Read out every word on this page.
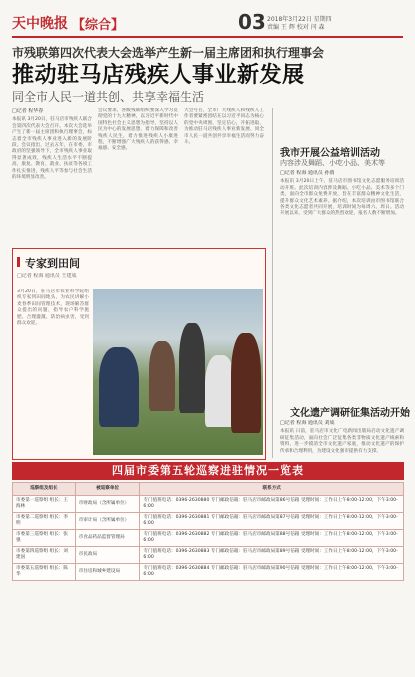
天中晚报 【综合】	03 2018年3月22日 星期四
责编 王 辉 校对 闫 森
市残联第四次代表大会选举产生新一届主席团和执行理事会
推动驻马店残疾人事业新发展
同全市人民一道共创、共享幸福生活
□记者 程华春
本报讯 3月20日，驻马店市残疾人联合会第四次代表大会召开。本次大会选举产生了新一届主席团和执行理事会，标志着全市残疾人事业进入新的发展阶段。会议指出，过去五年，在市委、市政府的坚强领导下，全市残疾人事业取得显著成效，残疾人生活水平不断提高，康复、教育、就业、扶贫等各项工作扎实推进，残疾人平等参与社会生活的环境明显改善。
会议要求，各级残联组织要深入学习贯彻党的十九大精神，以习近平新时代中国特色社会主义思想为指导，坚持以人民为中心的发展思想，着力保障和改善残疾人民生，着力推进残疾人小康进程，不断增强广大残疾人的获得感、幸福感、安全感。
大会号召，全市广大残疾人和残疾人工作者要紧密团结在以习近平同志为核心的党中央周围，坚定信心，开拓进取，为推动驻马店残疾人事业新发展、同全市人民一道共创共享幸福生活而努力奋斗。
专家到田间
□记者 程海 通讯员 王建成
3月20日，驻马店市农业科学院组织专家到田间地头，为农民讲解小麦春季田间管理技术，现场解答群众提出的问题，指导农户科学施肥、合理灌溉、防治病虫害，受到群众欢迎。
我市开展公益培训活动
内容涉及舞蹈、小吃小品、美术等
□记者 程海 通讯员 孙雨
本报讯 3月20日上午，驻马店市图书馆文化志愿服务培训活动开班。此次培训内容涉及舞蹈、小吃小品、美术等多个门类，面向全市群众免费开放，旨在丰富群众精神文化生活，提升群众文化艺术素养。据介绍，本次培训由市图书馆联合各类文化志愿者共同开展，培训时间为每周六、周日。活动开展以来，受到广大群众的热烈欢迎，报名人数不断增加。
文化遗产调研征集活动开始
□记者 程海 通讯员 刘成
本报讯 日前，驻马店市文化广电新闻出版局启动文化遗产调研征集活动，面向社会广泛征集各类非物质文化遗产线索和资料，进一步摸清全市文化遗产家底，推动文化遗产的保护传承和合理利用，为建设文化强市提供有力支撑。
四届市委第五轮巡察进驻情况一览表
巡察组及组长	被巡察单位	联系方式
市委第一巡察组 组长：王海林	市财政局（含所属单位）	专门值班电话：0396-2630880 专门邮政信箱：驻马店市邮政局第86号信箱 受理时间：工作日上午8:00-12:00，下午3:00-6:00
市委第二巡察组 组长：李明	市审计局（含所属单位）	专门值班电话：0396-2630881 专门邮政信箱：驻马店市邮政局第87号信箱 受理时间：工作日上午8:00-12:00，下午3:00-6:00
市委第三巡察组 组长：张强	市食品药品监督管理局	专门值班电话：0396-2630882 专门邮政信箱：驻马店市邮政局第88号信箱 受理时间：工作日上午8:00-12:00，下午3:00-6:00
市委第四巡察组 组长：刘建国	市民政局	专门值班电话：0396-2630883 专门邮政信箱：驻马店市邮政局第89号信箱 受理时间：工作日上午8:00-12:00，下午3:00-6:00
市委第五巡察组 组长：陈华	市住房和城乡建设局	专门值班电话：0396-2630884 专门邮政信箱：驻马店市邮政局第90号信箱 受理时间：工作日上午8:00-12:00，下午3:00-6:00
